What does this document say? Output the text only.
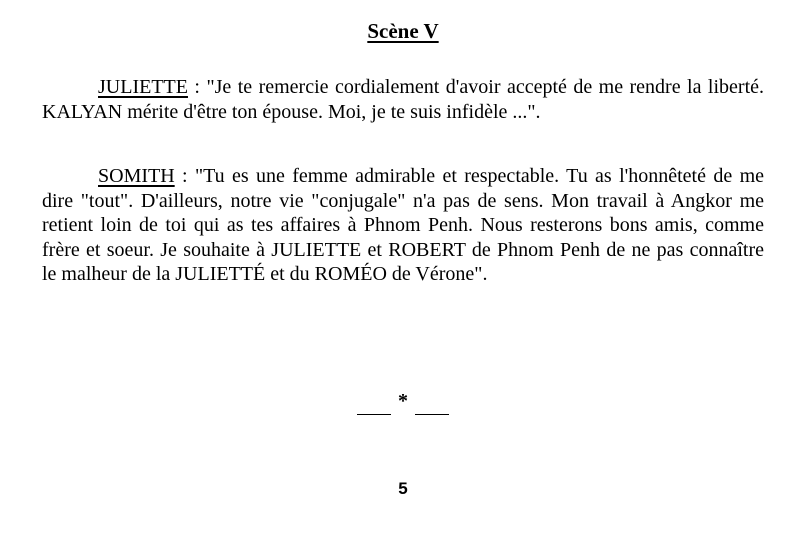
Scène V

JULIETTE : "Je te remercie cordialement d'avoir accepté de me rendre la liberté. KALYAN mérite d'être ton épouse. Moi, je te suis infidèle ...".

SOMITH : "Tu es une femme admirable et respectable. Tu as l'honnêteté de me dire "tout". D'ailleurs, notre vie "conjugale" n'a pas de sens. Mon travail à Angkor me retient loin de toi qui as tes affaires à Phnom Penh. Nous resterons bons amis, comme frère et soeur. Je souhaite à JULIETTE et ROBERT de Phnom Penh de ne pas connaître le malheur de la JULIETTÉ et du ROMÉO de Vérone".

*
5
